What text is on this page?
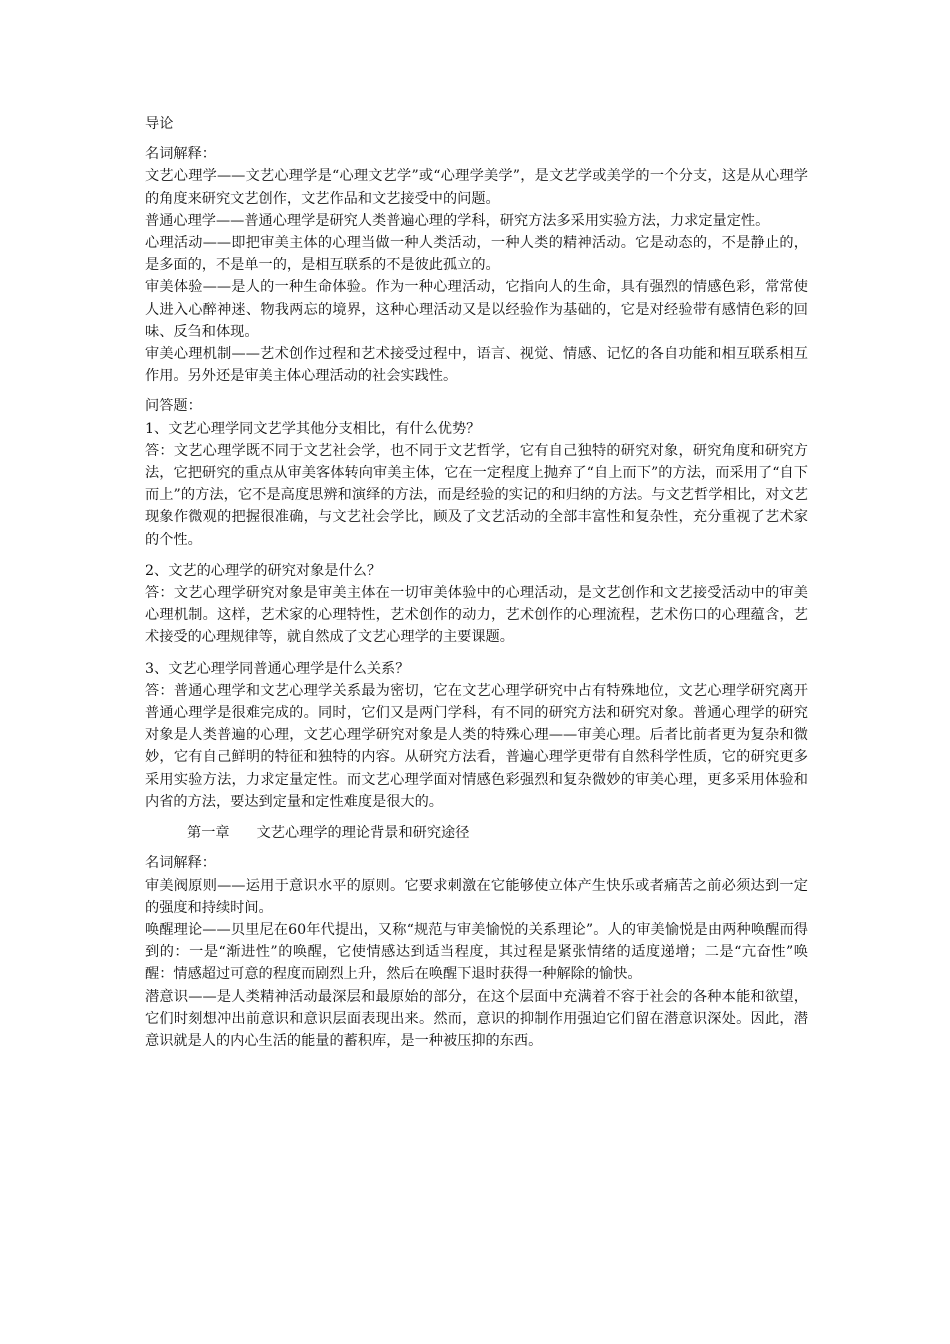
导论

名词解释：

文艺心理学——文艺心理学是“心理文艺学”或“心理学美学”，是文艺学或美学的一个分支，这是从心理学的角度来研究文艺创作，文艺作品和文艺接受中的问题。

普通心理学——普通心理学是研究人类普遍心理的学科，研究方法多采用实验方法，力求定量定性。

心理活动——即把审美主体的心理当做一种人类活动，一种人类的精神活动。它是动态的，不是静止的，是多面的，不是单一的，是相互联系的不是彼此孤立的。

审美体验——是人的一种生命体验。作为一种心理活动，它指向人的生命，具有强烈的情感色彩，常常使人进入心醉神迷、物我两忘的境界，这种心理活动又是以经验作为基础的，它是对经验带有感情色彩的回味、反刍和体现。

审美心理机制——艺术创作过程和艺术接受过程中，语言、视觉、情感、记忆的各自功能和相互联系相互作用。另外还是审美主体心理活动的社会实践性。

问答题：

1、文艺心理学同文艺学其他分支相比，有什么优势？

答：文艺心理学既不同于文艺社会学，也不同于文艺哲学，它有自己独特的研究对象，研究角度和研究方法，它把研究的重点从审美客体转向审美主体，它在一定程度上抛弃了“自上而下”的方法，而采用了“自下而上”的方法，它不是高度思辨和演绎的方法，而是经验的实记的和归纳的方法。与文艺哲学相比，对文艺现象作微观的把握很准确，与文艺社会学比，顾及了文艺活动的全部丰富性和复杂性，充分重视了艺术家的个性。

2、文艺的心理学的研究对象是什么？

答：文艺心理学研究对象是审美主体在一切审美体验中的心理活动，是文艺创作和文艺接受活动中的审美心理机制。这样，艺术家的心理特性，艺术创作的动力，艺术创作的心理流程，艺术伤口的心理蕴含，艺术接受的心理规律等，就自然成了文艺心理学的主要课题。

3、文艺心理学同普通心理学是什么关系？

答：普通心理学和文艺心理学关系最为密切，它在文艺心理学研究中占有特殊地位，文艺心理学研究离开普通心理学是很难完成的。同时，它们又是两门学科，有不同的研究方法和研究对象。普通心理学的研究对象是人类普遍的心理，文艺心理学研究对象是人类的特殊心理——审美心理。后者比前者更为复杂和微妙，它有自己鲜明的特征和独特的内容。从研究方法看，普遍心理学更带有自然科学性质，它的研究更多采用实验方法，力求定量定性。而文艺心理学面对情感色彩强烈和复杂微妙的审美心理，更多采用体验和内省的方法，要达到定量和定性难度是很大的。

第一章      文艺心理学的理论背景和研究途径

名词解释：

审美阀原则——运用于意识水平的原则。它要求刺激在它能够使立体产生快乐或者痛苦之前必须达到一定的强度和持续时间。

唤醒理论——贝里尼在60年代提出，又称“规范与审美愉悦的关系理论”。人的审美愉悦是由两种唤醒而得到的：一是“渐进性”的唤醒，它使情感达到适当程度，其过程是紧张情绪的适度递增；二是“亢奋性”唤醒：情感超过可意的程度而剧烈上升，然后在唤醒下退时获得一种解除的愉快。

潜意识——是人类精神活动最深层和最原始的部分，在这个层面中充满着不容于社会的各种本能和欲望，它们时刻想冲出前意识和意识层面表现出来。然而，意识的抑制作用强迫它们留在潜意识深处。因此，潜意识就是人的内心生活的能量的蓄积库，是一种被压抑的东西。
